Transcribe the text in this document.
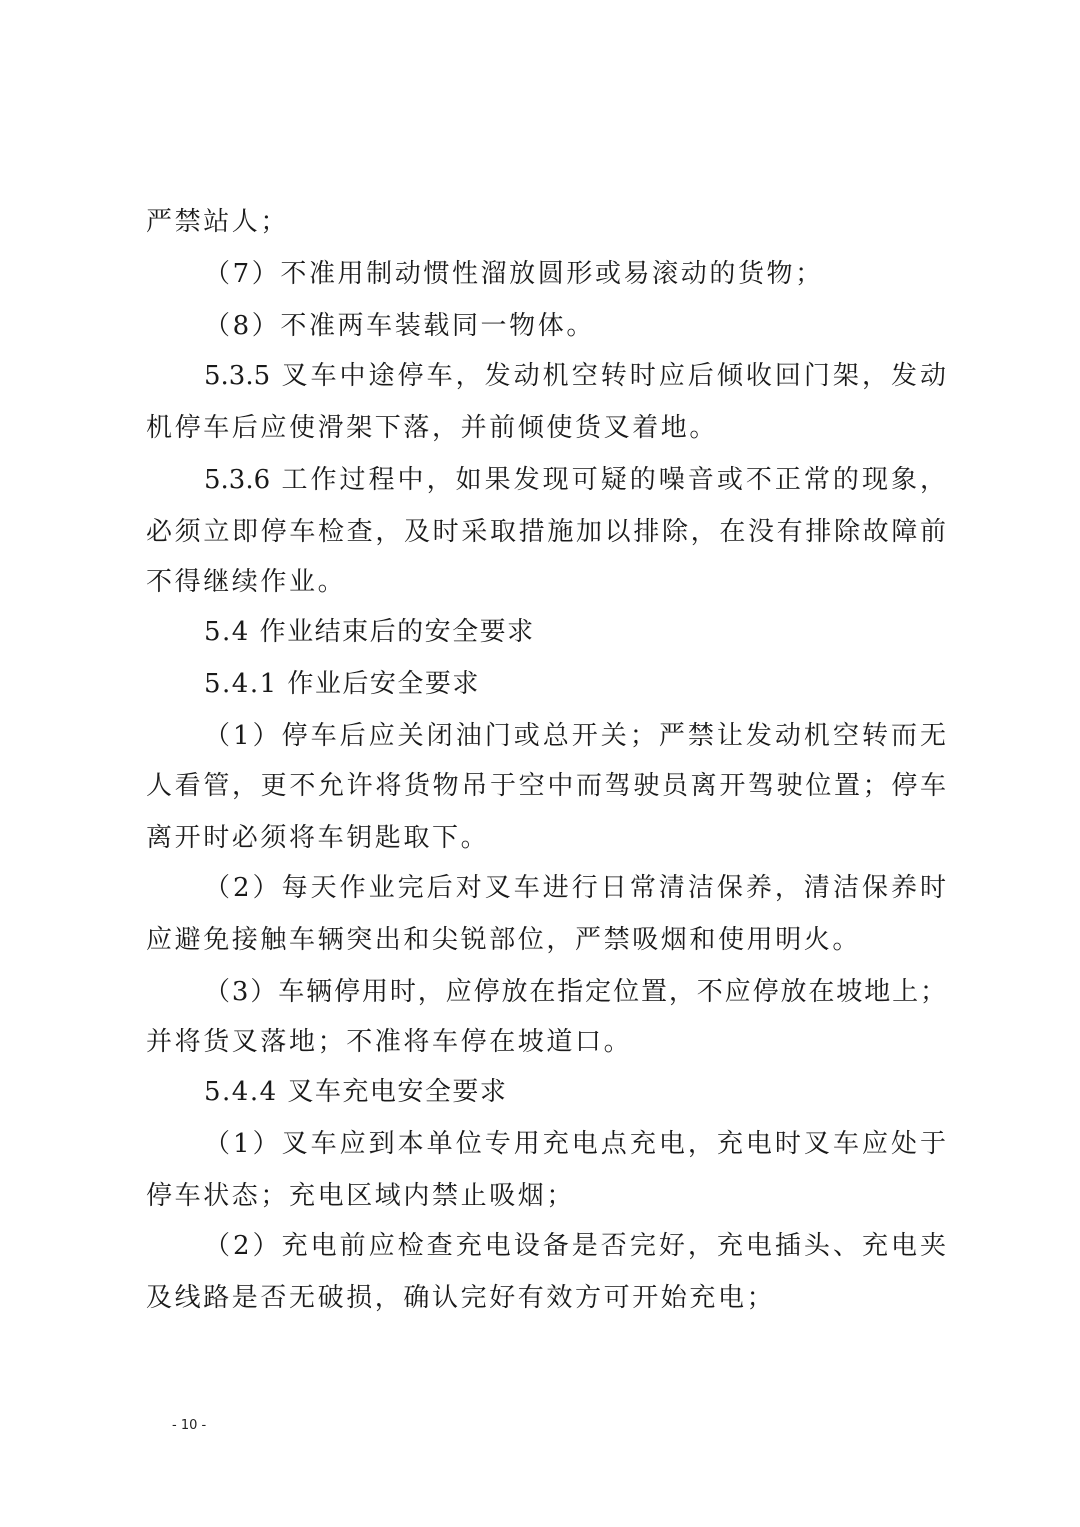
严禁站人；
（7）不准用制动惯性溜放圆形或易滚动的货物；
（8）不准两车装载同一物体。
5.3.5 叉车中途停车，发动机空转时应后倾收回门架，发动
机停车后应使滑架下落，并前倾使货叉着地。
5.3.6 工作过程中，如果发现可疑的噪音或不正常的现象，
必须立即停车检查，及时采取措施加以排除，在没有排除故障前
不得继续作业。
5.4 作业结束后的安全要求
5.4.1 作业后安全要求
（1）停车后应关闭油门或总开关；严禁让发动机空转而无
人看管，更不允许将货物吊于空中而驾驶员离开驾驶位置；停车
离开时必须将车钥匙取下。
（2）每天作业完后对叉车进行日常清洁保养，清洁保养时
应避免接触车辆突出和尖锐部位，严禁吸烟和使用明火。
（3）车辆停用时，应停放在指定位置，不应停放在坡地上；
并将货叉落地；不准将车停在坡道口。
5.4.4 叉车充电安全要求
（1）叉车应到本单位专用充电点充电，充电时叉车应处于
停车状态；充电区域内禁止吸烟；
（2）充电前应检查充电设备是否完好，充电插头、充电夹
及线路是否无破损，确认完好有效方可开始充电；
- 10 -
